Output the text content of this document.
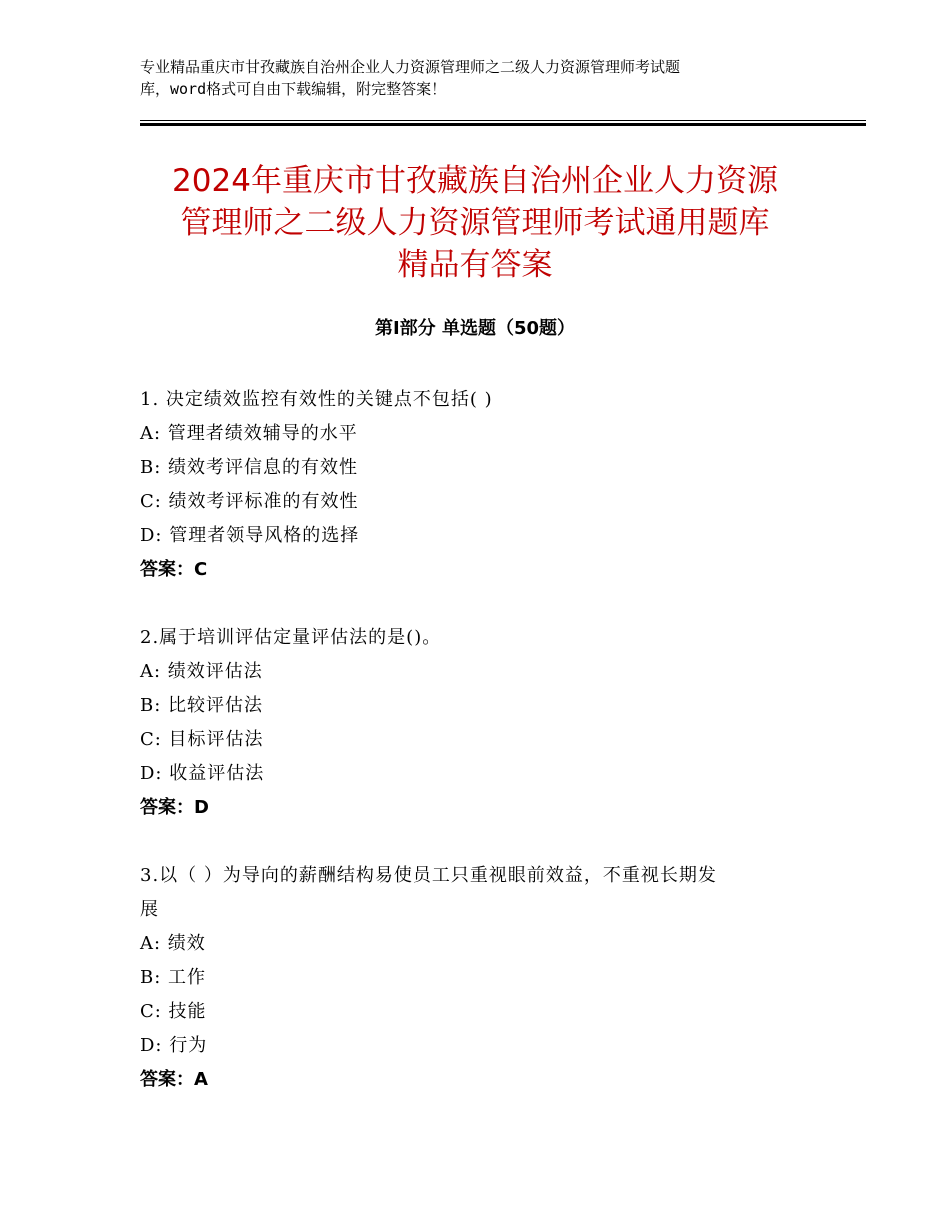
专业精品重庆市甘孜藏族自治州企业人力资源管理师之二级人力资源管理师考试题
库，word格式可自由下载编辑，附完整答案！
2024年重庆市甘孜藏族自治州企业人力资源
管理师之二级人力资源管理师考试通用题库
精品有答案
第Ⅰ部分 单选题（50题）
1. 决定绩效监控有效性的关键点不包括( )
A: 管理者绩效辅导的水平
B: 绩效考评信息的有效性
C: 绩效考评标准的有效性
D: 管理者领导风格的选择
答案：C
2.属于培训评估定量评估法的是()。
A: 绩效评估法
B: 比较评估法
C: 目标评估法
D: 收益评估法
答案：D
3.以（ ）为导向的薪酬结构易使员工只重视眼前效益，不重视长期发
展
A: 绩效
B: 工作
C: 技能
D: 行为
答案：A
